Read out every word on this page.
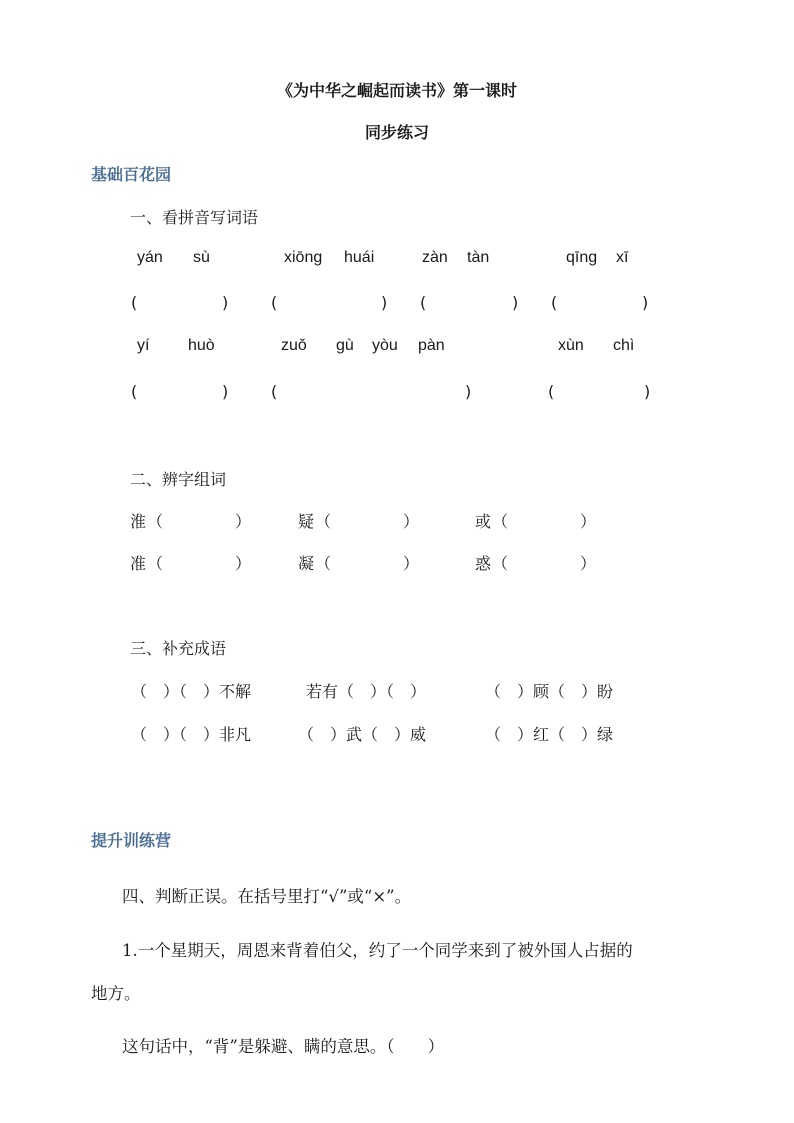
《为中华之崛起而读书》第一课时
同步练习
基础百花园
一、看拼音写词语
yán sù	xiōng huái	zàn tàn	qīng xī
(	)	(	) (	) (	)
yí huò	zuǒ gù yòu pàn	xùn chì
(	)	(	)	(	)
二、辨字组词
淮 （	）	疑 （	）	或 （	）
准 （	）	凝 （	）	惑 （	）
三、补充成语
（　）（　）不解	若有（　）（　）	（　）顾（　）盼
（　）（　）非凡	（　）武（　）威	（　）红（　）绿
提升训练营
四、判断正误。在括号里打“√”或“×”。
1.一个星期天，周恩来背着伯父，约了一个同学来到了被外国人占据的
地方。
这句话中，“背”是躲避、瞒的意思。（　　）
